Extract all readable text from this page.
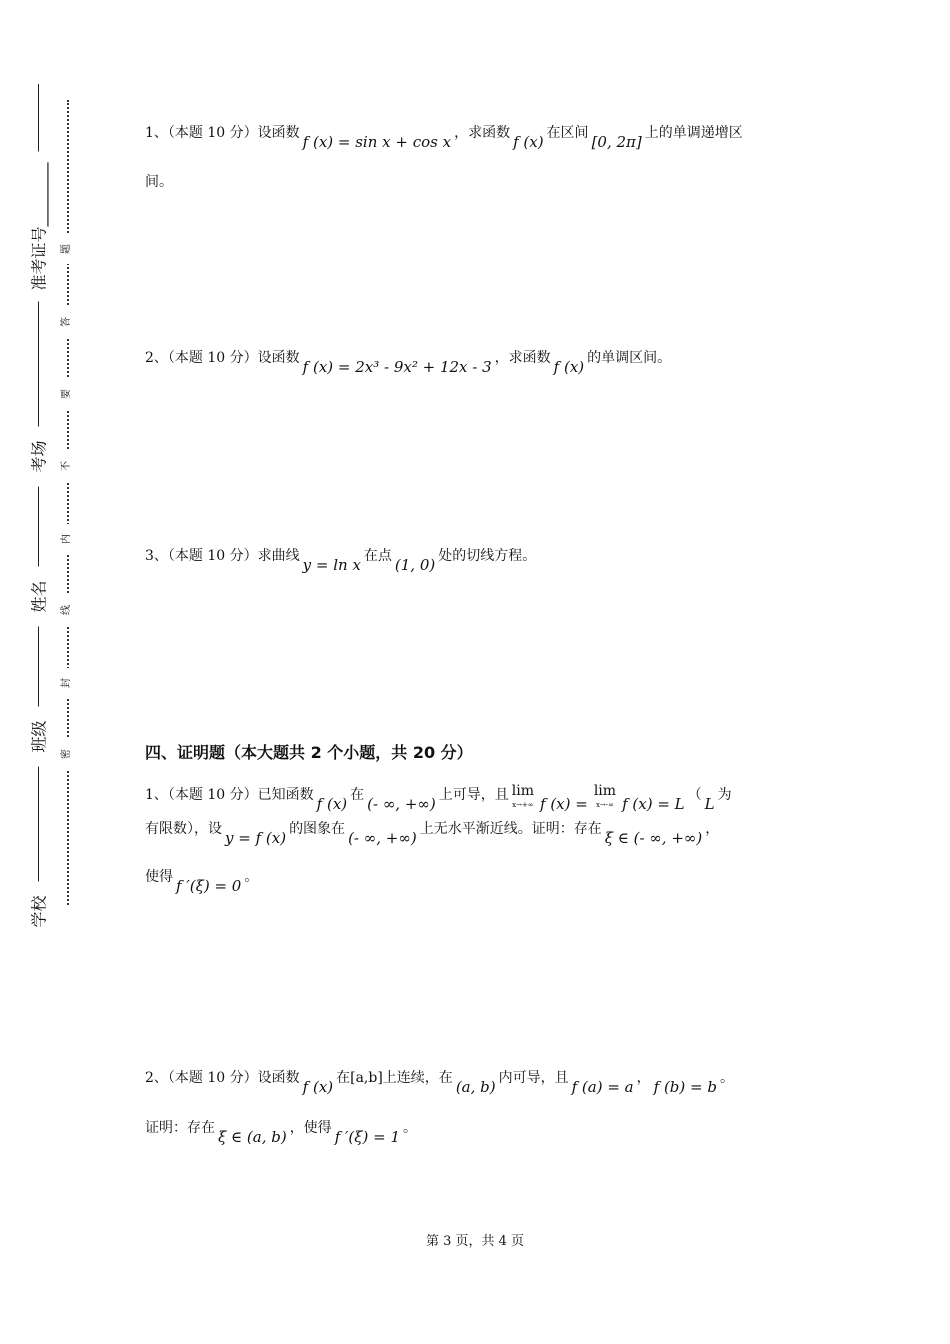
准考证号________
考场
姓名
班级
学校
题
答
要
不
内
线
封
密
1、（本题 10 分）设函数 f (x) = sin x + cos x ，求函数 f (x) 在区间 [0, 2π] 上的单调递增区
间。
2、（本题 10 分）设函数 f (x) = 2x³ - 9x² + 12x - 3 ，求函数 f (x) 的单调区间。
3、（本题 10 分）求曲线 y = ln x 在点 (1, 0) 处的切线方程。
四、证明题（本大题共 2 个小题，共 20 分）
1、（本题 10 分）已知函数 f (x) 在 (- ∞, +∞) 上可导，且 lim
x→+∞ f (x) =lim
x→-∞ f (x) = L （ L 为
有限数），设 y = f (x) 的图象在 (- ∞, +∞) 上无水平渐近线。证明：存在 ξ ∈ (- ∞, +∞) ，
使得 f ′(ξ) = 0 。
2、（本题 10 分）设函数 f (x) 在[a,b]上连续，在 (a, b) 内可导，且 f (a) = a ， f (b) = b 。
证明：存在 ξ ∈ (a, b) ，使得 f ′(ξ) = 1 。
第 3 页，共 4 页
